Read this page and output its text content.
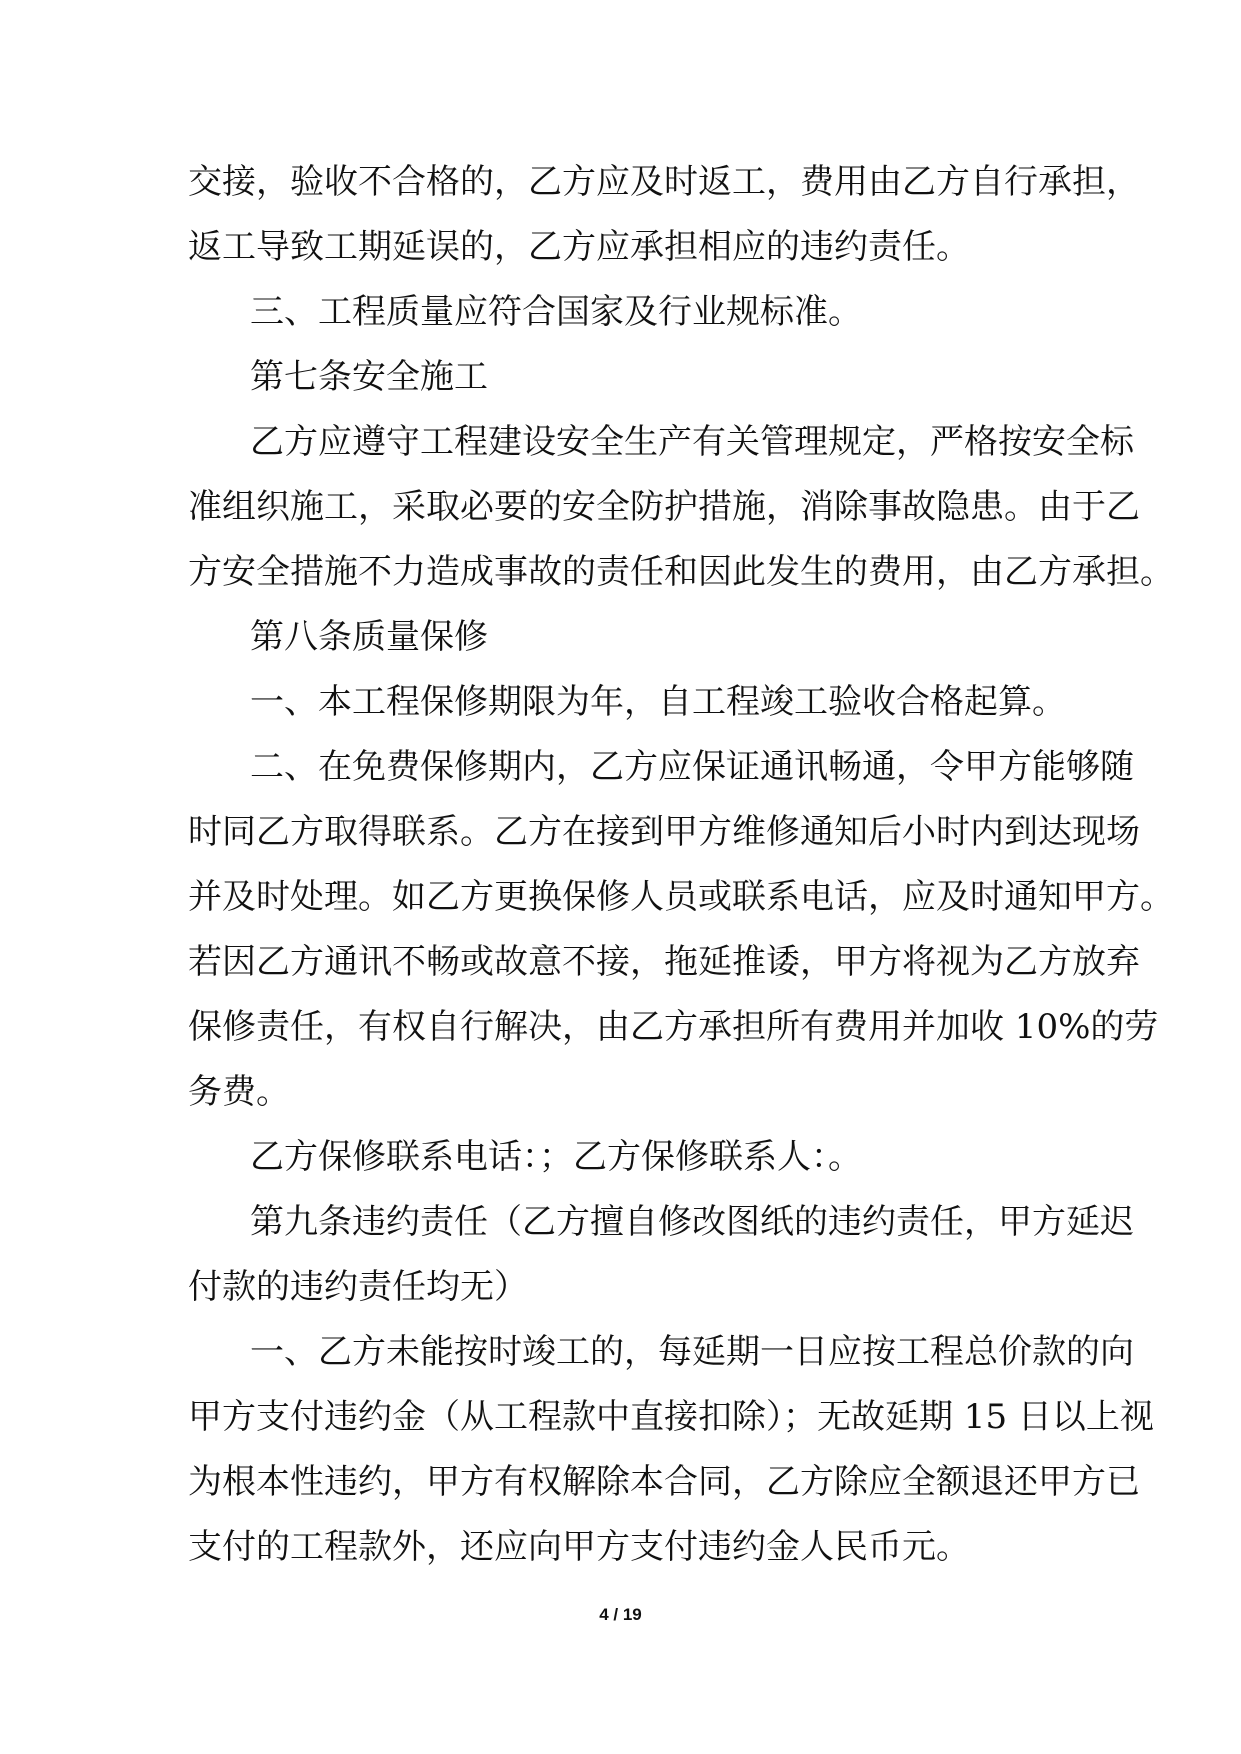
交接，验收不合格的，乙方应及时返工，费用由乙方自行承担，
返工导致工期延误的，乙方应承担相应的违约责任。
三、工程质量应符合国家及行业规标准。
第七条安全施工
乙方应遵守工程建设安全生产有关管理规定，严格按安全标
准组织施工，采取必要的安全防护措施，消除事故隐患。由于乙
方安全措施不力造成事故的责任和因此发生的费用，由乙方承担。
第八条质量保修
一、本工程保修期限为年，自工程竣工验收合格起算。
二、在免费保修期内，乙方应保证通讯畅通，令甲方能够随
时同乙方取得联系。乙方在接到甲方维修通知后小时内到达现场
并及时处理。如乙方更换保修人员或联系电话，应及时通知甲方。
若因乙方通讯不畅或故意不接，拖延推诿，甲方将视为乙方放弃
保修责任，有权自行解决，由乙方承担所有费用并加收 10%的劳
务费。
乙方保修联系电话：；乙方保修联系人：。
第九条违约责任（乙方擅自修改图纸的违约责任，甲方延迟
付款的违约责任均无）
一、乙方未能按时竣工的，每延期一日应按工程总价款的向
甲方支付违约金（从工程款中直接扣除）；无故延期 15 日以上视
为根本性违约，甲方有权解除本合同，乙方除应全额退还甲方已
支付的工程款外，还应向甲方支付违约金人民币元。
4 / 19
